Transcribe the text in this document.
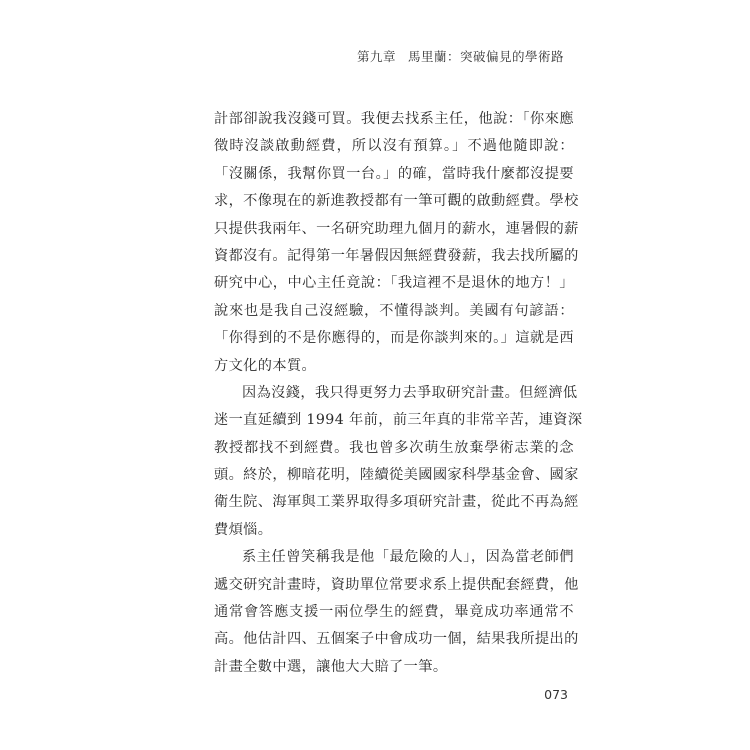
第九章 馬里蘭：突破偏見的學術路
計部卻說我沒錢可買。我便去找系主任，他說：「你來應
徵時沒談啟動經費，所以沒有預算。」不過他隨即說：
「沒關係，我幫你買一台。」的確，當時我什麼都沒提要
求，不像現在的新進教授都有一筆可觀的啟動經費。學校
只提供我兩年、一名研究助理九個月的薪水，連暑假的薪
資都沒有。記得第一年暑假因無經費發薪，我去找所屬的
研究中心，中心主任竟說：「我這裡不是退休的地方！」
說來也是我自己沒經驗，不懂得談判。美國有句諺語：
「你得到的不是你應得的，而是你談判來的。」這就是西
方文化的本質。
因為沒錢，我只得更努力去爭取研究計畫。但經濟低
迷一直延續到 1994 年前，前三年真的非常辛苦，連資深
教授都找不到經費。我也曾多次萌生放棄學術志業的念
頭。終於，柳暗花明，陸續從美國國家科學基金會、國家
衛生院、海軍與工業界取得多項研究計畫，從此不再為經
費煩惱。
系主任曾笑稱我是他「最危險的人」，因為當老師們
遞交研究計畫時，資助單位常要求系上提供配套經費，他
通常會答應支援一兩位學生的經費，畢竟成功率通常不
高。他估計四、五個案子中會成功一個，結果我所提出的
計畫全數中選，讓他大大賠了一筆。
073
